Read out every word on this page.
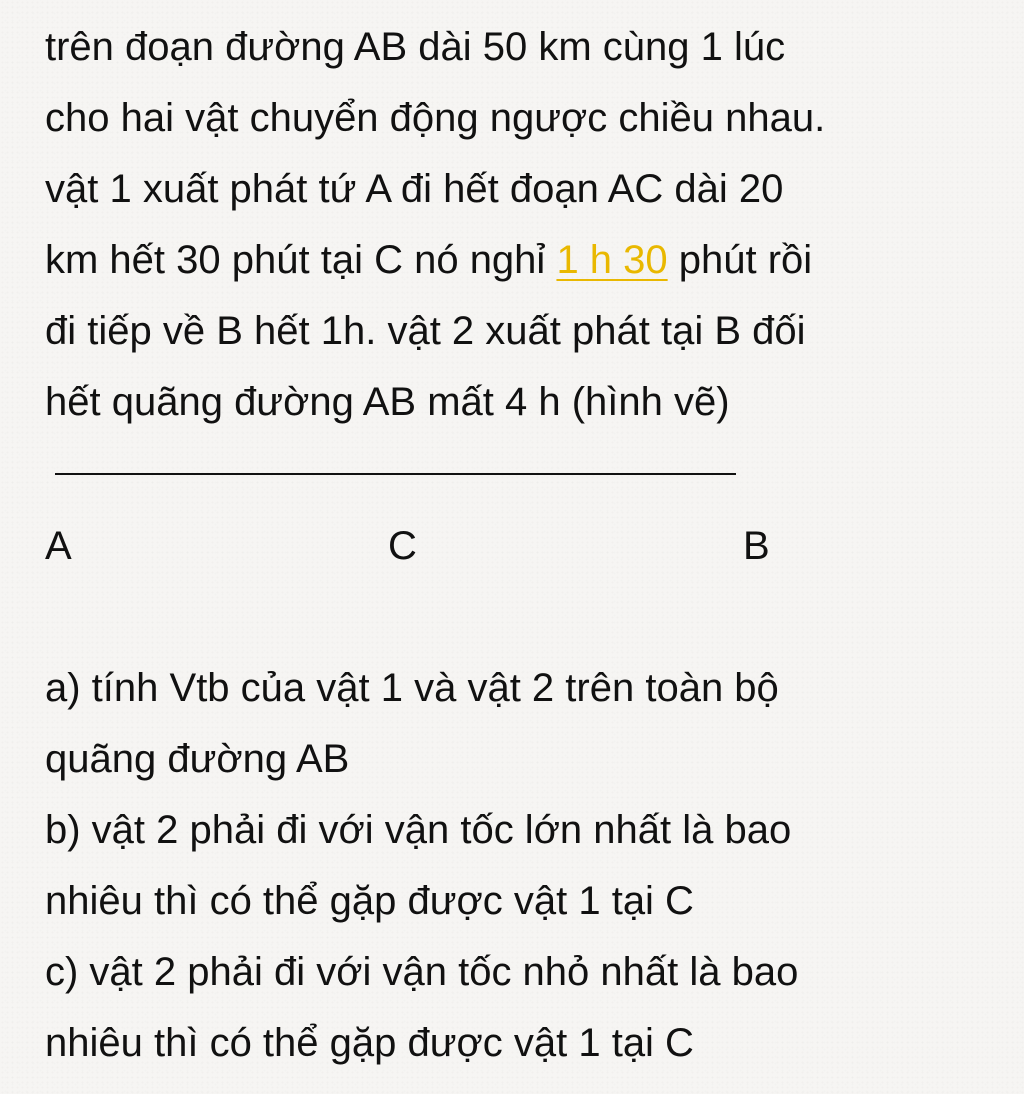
trên đoạn đường AB dài 50 km cùng 1 lúc

cho hai vật chuyển động ngược chiều nhau.

vật 1 xuất phát tứ A đi hết đoạn AC dài 20

km hết 30 phút tại C nó nghỉ 1 h 30 phút rồi

đi tiếp về B hết 1h. vật 2 xuất phát tại B đối

hết quãng đường AB mất 4 h (hình vẽ)

A	C	B

a) tính Vtb của vật 1 và vật 2 trên toàn bộ

quãng đường AB

b) vật 2 phải đi với vận tốc lớn nhất là bao

nhiêu thì có thể gặp được vật 1 tại C

c) vật 2 phải đi với vận tốc nhỏ nhất là bao

nhiêu thì có thể gặp được vật 1 tại C
